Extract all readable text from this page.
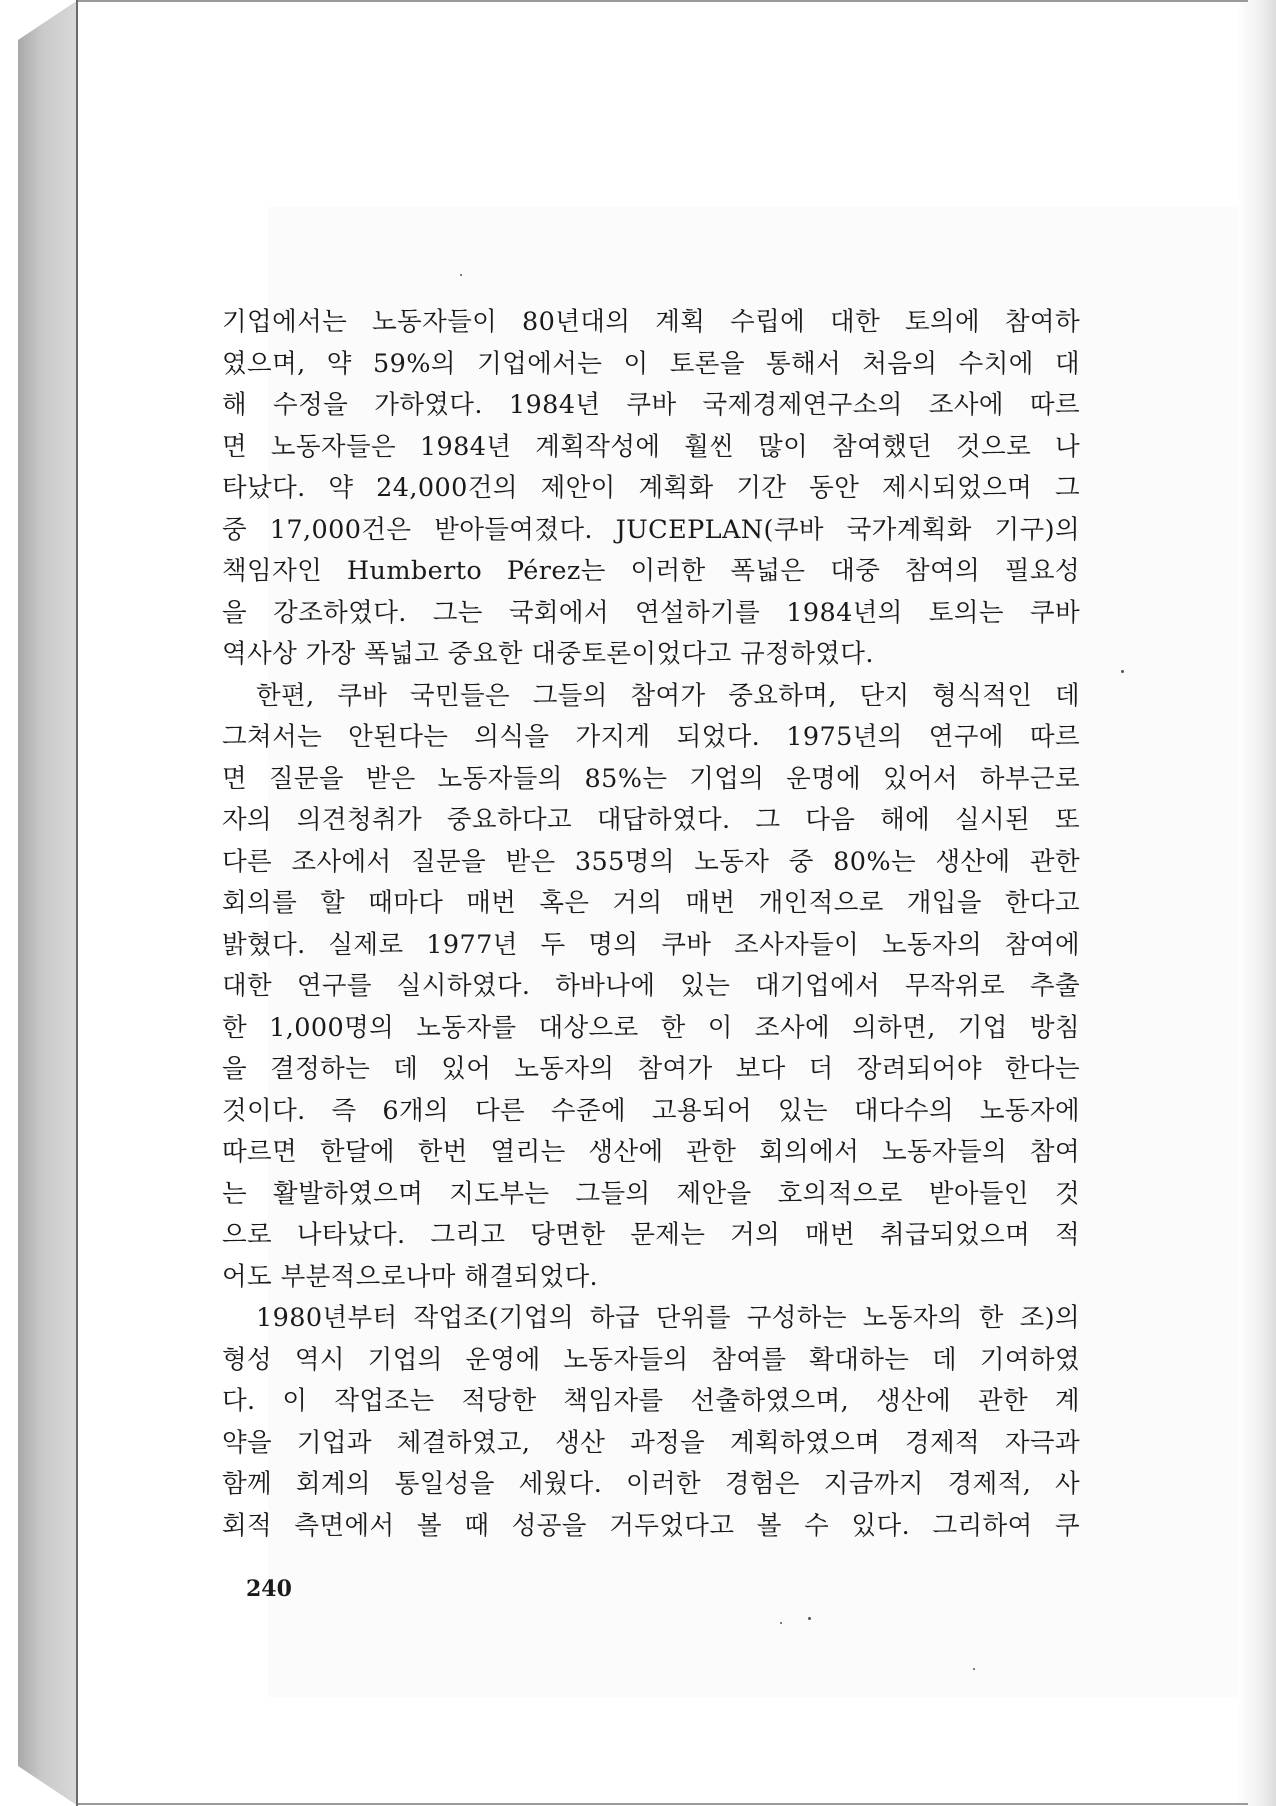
기업에서는 노동자들이 80년대의 계획 수립에 대한 토의에 참여하
였으며, 약 59%의 기업에서는 이 토론을 통해서 처음의 수치에 대
해 수정을 가하였다. 1984년 쿠바 국제경제연구소의 조사에 따르
면 노동자들은 1984년 계획작성에 훨씬 많이 참여했던 것으로 나
타났다. 약 24,000건의 제안이 계획화 기간 동안 제시되었으며 그
중 17,000건은 받아들여졌다. JUCEPLAN(쿠바 국가계획화 기구)의
책임자인 Humberto Pérez는 이러한 폭넓은 대중 참여의 필요성
을 강조하였다. 그는 국회에서 연설하기를 1984년의 토의는 쿠바
역사상 가장 폭넓고 중요한 대중토론이었다고 규정하였다.
한편, 쿠바 국민들은 그들의 참여가 중요하며, 단지 형식적인 데
그쳐서는 안된다는 의식을 가지게 되었다. 1975년의 연구에 따르
면 질문을 받은 노동자들의 85%는 기업의 운명에 있어서 하부근로
자의 의견청취가 중요하다고 대답하였다. 그 다음 해에 실시된 또
다른 조사에서 질문을 받은 355명의 노동자 중 80%는 생산에 관한
회의를 할 때마다 매번 혹은 거의 매번 개인적으로 개입을 한다고
밝혔다. 실제로 1977년 두 명의 쿠바 조사자들이 노동자의 참여에
대한 연구를 실시하였다. 하바나에 있는 대기업에서 무작위로 추출
한 1,000명의 노동자를 대상으로 한 이 조사에 의하면, 기업 방침
을 결정하는 데 있어 노동자의 참여가 보다 더 장려되어야 한다는
것이다. 즉 6개의 다른 수준에 고용되어 있는 대다수의 노동자에
따르면 한달에 한번 열리는 생산에 관한 회의에서 노동자들의 참여
는 활발하였으며 지도부는 그들의 제안을 호의적으로 받아들인 것
으로 나타났다. 그리고 당면한 문제는 거의 매번 취급되었으며 적
어도 부분적으로나마 해결되었다.
1980년부터 작업조(기업의 하급 단위를 구성하는 노동자의 한 조)의
형성 역시 기업의 운영에 노동자들의 참여를 확대하는 데 기여하였
다. 이 작업조는 적당한 책임자를 선출하였으며, 생산에 관한 계
약을 기업과 체결하였고, 생산 과정을 계획하였으며 경제적 자극과
함께 회계의 통일성을 세웠다. 이러한 경험은 지금까지 경제적, 사
회적 측면에서 볼 때 성공을 거두었다고 볼 수 있다. 그리하여 쿠
240
